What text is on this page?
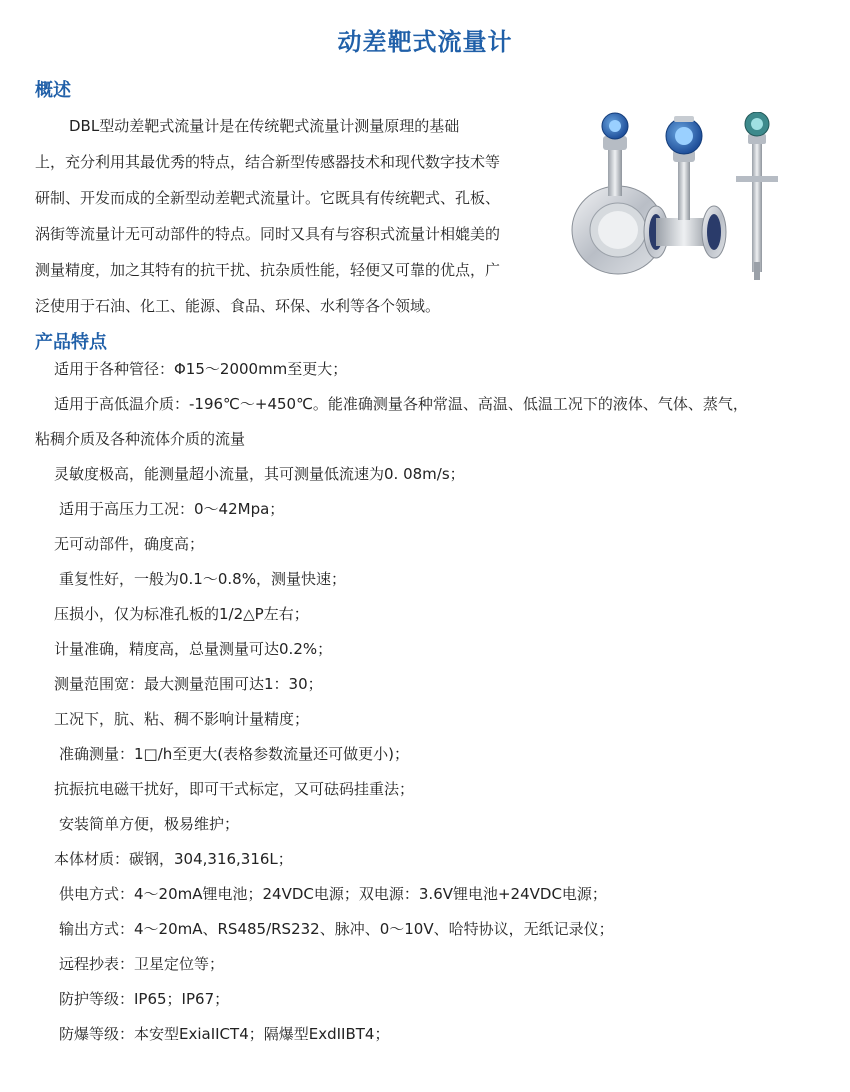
动差靶式流量计
概述
DBL型动差靶式流量计是在传统靶式流量计测量原理的基础
上，充分利用其最优秀的特点，结合新型传感器技术和现代数字技术等
研制、开发而成的全新型动差靶式流量计。它既具有传统靶式、孔板、
涡街等流量计无可动部件的特点。同时又具有与容积式流量计相媲美的
测量精度，加之其特有的抗干扰、抗杂质性能，轻便又可靠的优点，广
泛使用于石油、化工、能源、食品、环保、水利等各个领域。
产品特点
适用于各种管径：Φ15～2000mm至更大；
适用于高低温介质：-196℃～+450℃。能准确测量各种常温、高温、低温工况下的液体、气体、蒸气，
粘稠介质及各种流体介质的流量
灵敏度极高，能测量超小流量，其可测量低流速为0. 08m/s；
适用于高压力工况：0～42Mpa；
无可动部件，确度高；
重复性好，一般为0.1～0.8%，测量快速；
压损小，仅为标准孔板的1/2△P左右；
计量准确，精度高，总量测量可达0.2%；
测量范围宽：最大测量范围可达1：30；
工况下，肮、粘、稠不影响计量精度；
准确测量：1□/h至更大(表格参数流量还可做更小)；
抗振抗电磁干扰好，即可干式标定，又可砝码挂重法；
安装简单方便，极易维护；
本体材质：碳钢，304,316,316L；
供电方式：4～20mA锂电池；24VDC电源；双电源：3.6V锂电池+24VDC电源；
输出方式：4～20mA、RS485/RS232、脉冲、0～10V、哈特协议，无纸记录仪；
远程抄表：卫星定位等；
防护等级：IP65；IP67；
防爆等级：本安型ExiaIICT4；隔爆型ExdIIBT4；
